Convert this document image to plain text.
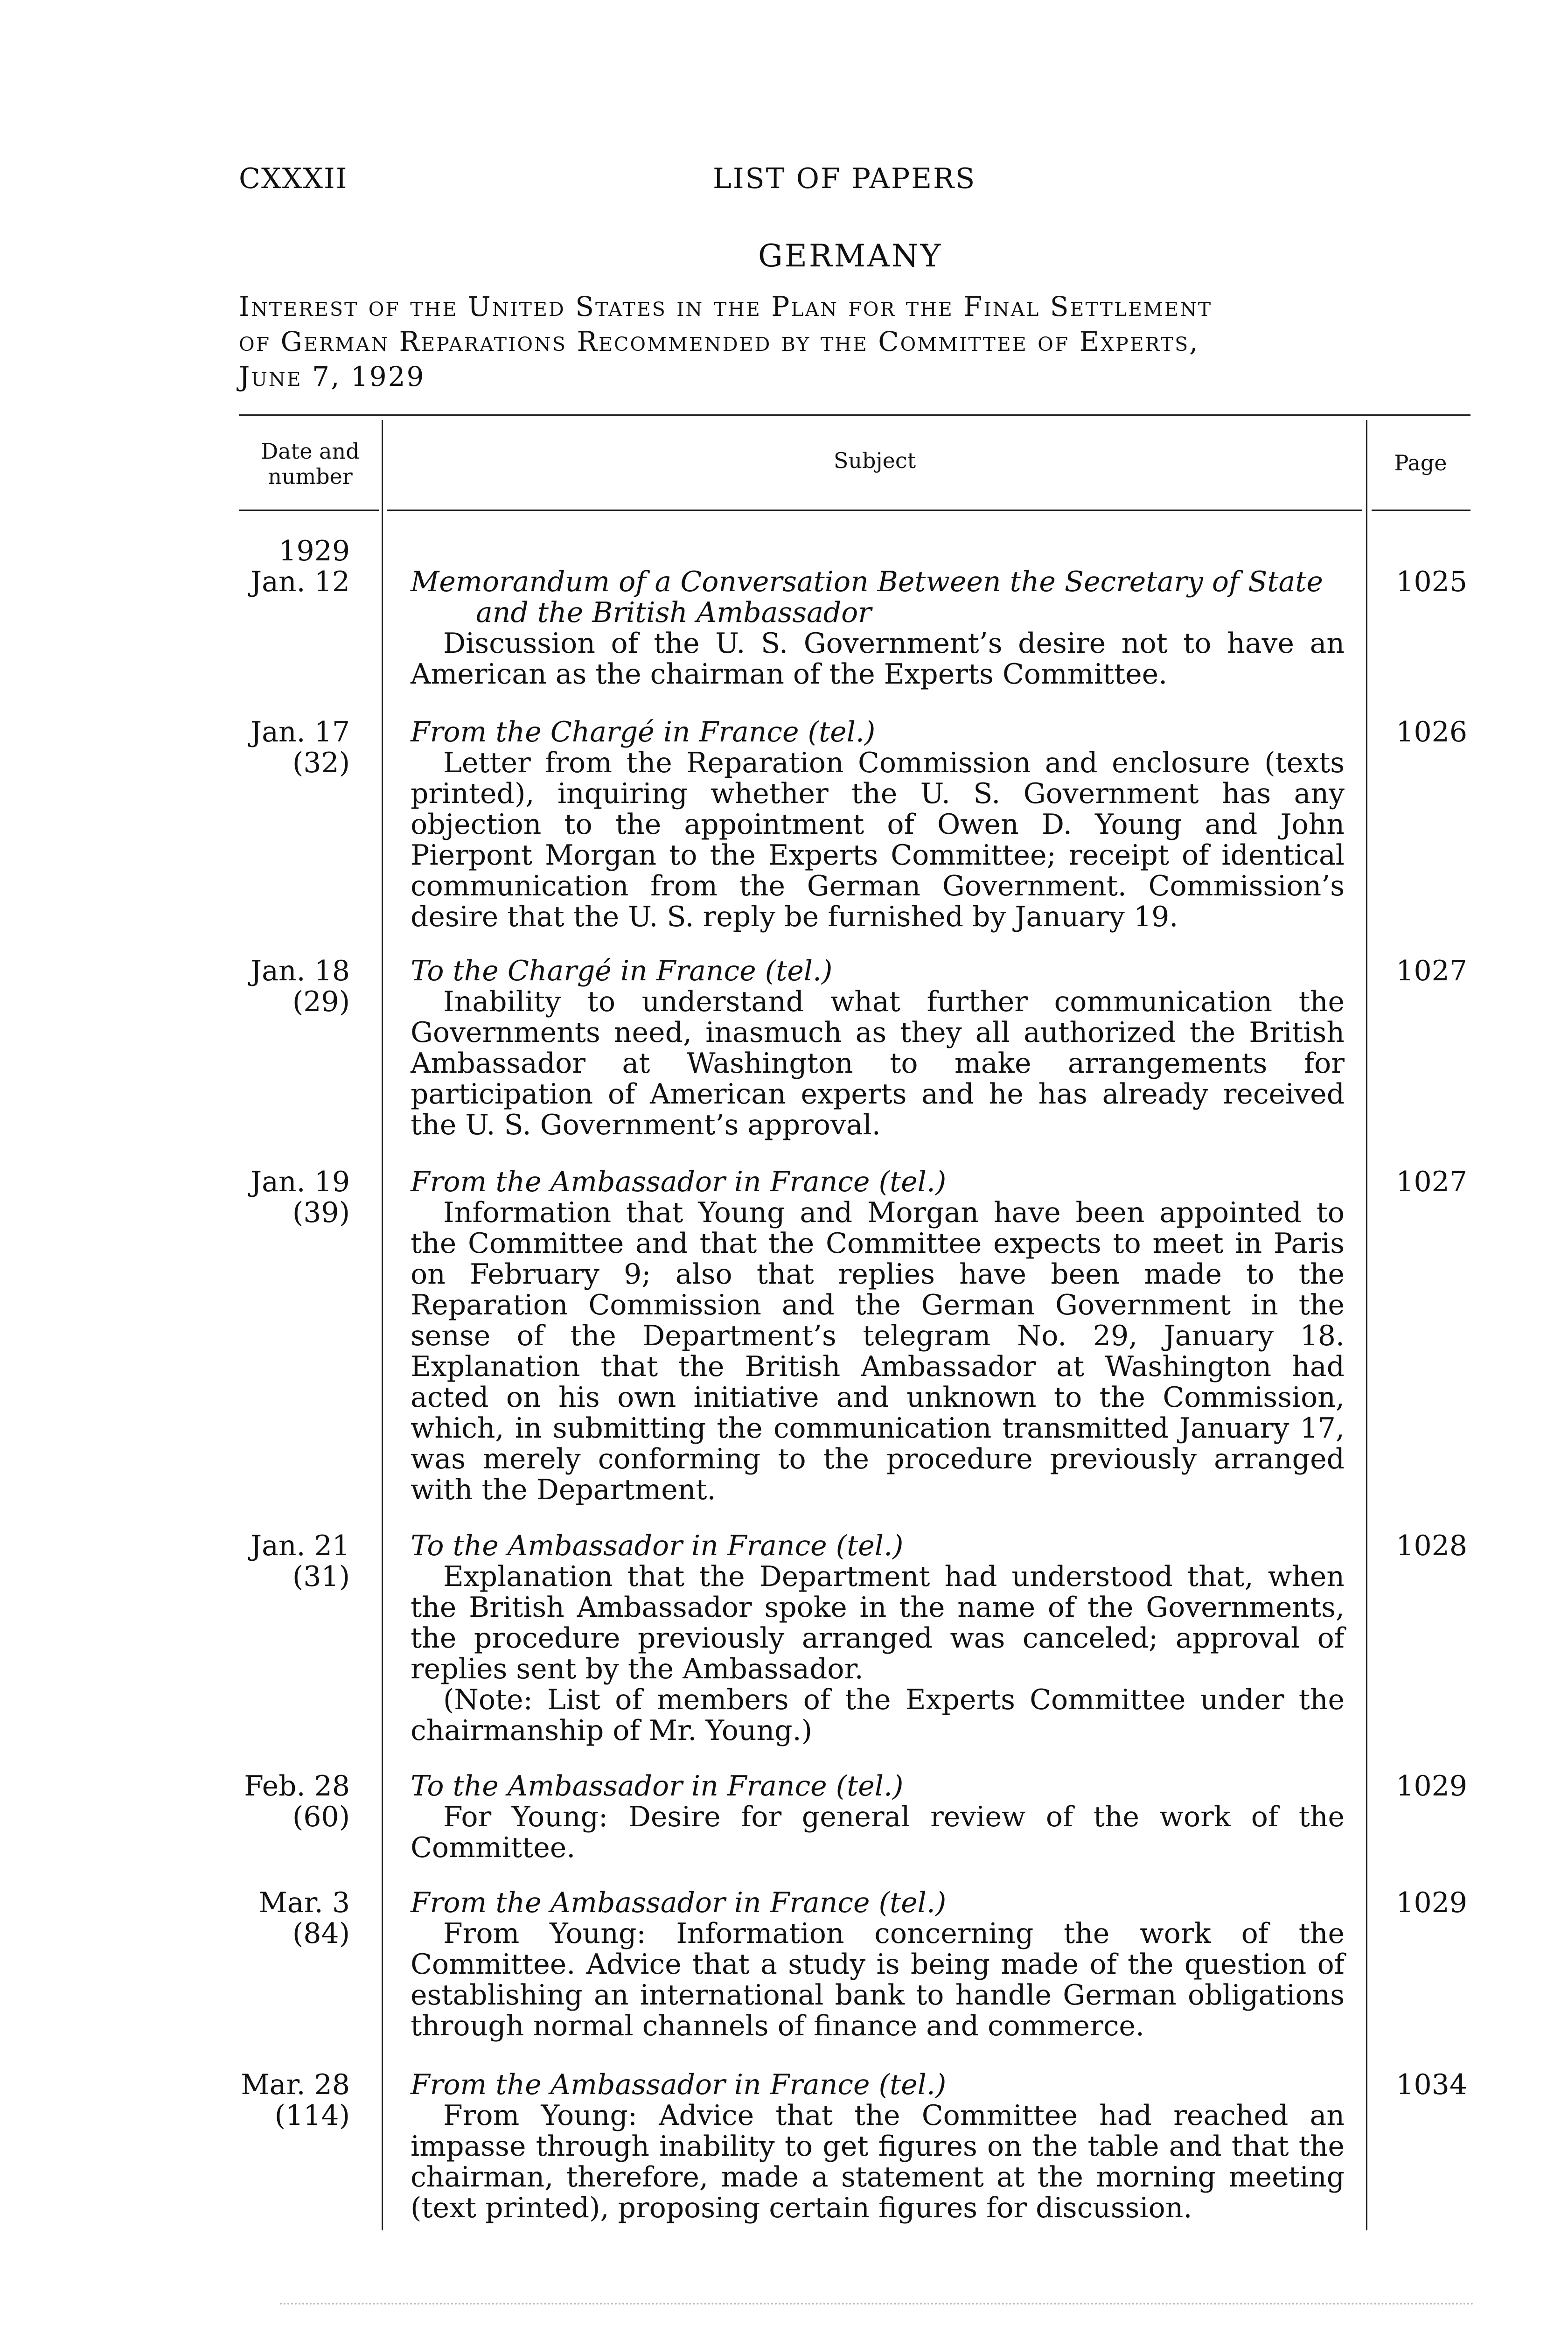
CXXXII	LIST OF PAPERS
GERMANY
Interest of the United States in the Plan for the Final Settlement
of German Reparations Recommended by the Committee of Experts,
June 7, 1929
Date and
number
Subject	Page
1929
Jan. 12 Memorandum of a Conversation Between the Secretary of State
and the British Ambassador

Discussion of the U. S. Government’s desire not to have an American as the chairman of the Experts Committee.

1025
Jan. 17
(32)
From the Chargé in France (tel.)

Letter from the Reparation Commission and enclosure (texts printed), inquiring whether the U. S. Government has any objection to the appointment of Owen D. Young and John Pierpont Morgan to the Experts Committee; receipt of identical communication from the German Government. Commission’s desire that the U. S. reply be furnished by January 19.

1026
Jan. 18
(29)
To the Chargé in France (tel.)

Inability to understand what further communication the Governments need, inasmuch as they all authorized the British Ambassador at Washington to make arrangements for participation of American experts and he has already received the U. S. Government’s approval.

1027
Jan. 19
(39)
From the Ambassador in France (tel.)

Information that Young and Morgan have been appointed to the Committee and that the Committee expects to meet in Paris on February 9; also that replies have been made to the Reparation Commission and the German Government in the sense of the Department’s telegram No. 29, January 18. Explanation that the British Ambassador at Washington had acted on his own initiative and unknown to the Commission, which, in submitting the communication transmitted January 17, was merely conforming to the procedure previously arranged with the Department.

1027
Jan. 21
(31)
To the Ambassador in France (tel.)

Explanation that the Department had understood that, when the British Ambassador spoke in the name of the Governments, the procedure previously arranged was canceled; approval of replies sent by the Ambassador.

(Note: List of members of the Experts Committee under the chairmanship of Mr. Young.)

1028
Feb. 28
(60)
To the Ambassador in France (tel.)

For Young: Desire for general review of the work of the Committee.

1029
Mar. 3
(84)
From the Ambassador in France (tel.)

From Young: Information concerning the work of the Committee. Advice that a study is being made of the question of establishing an international bank to handle German obligations through normal channels of finance and commerce.

1029
Mar. 28
(114)
From the Ambassador in France (tel.)

From Young: Advice that the Committee had reached an impasse through inability to get figures on the table and that the chairman, therefore, made a statement at the morning meeting (text printed), proposing certain figures for discussion.

1034
